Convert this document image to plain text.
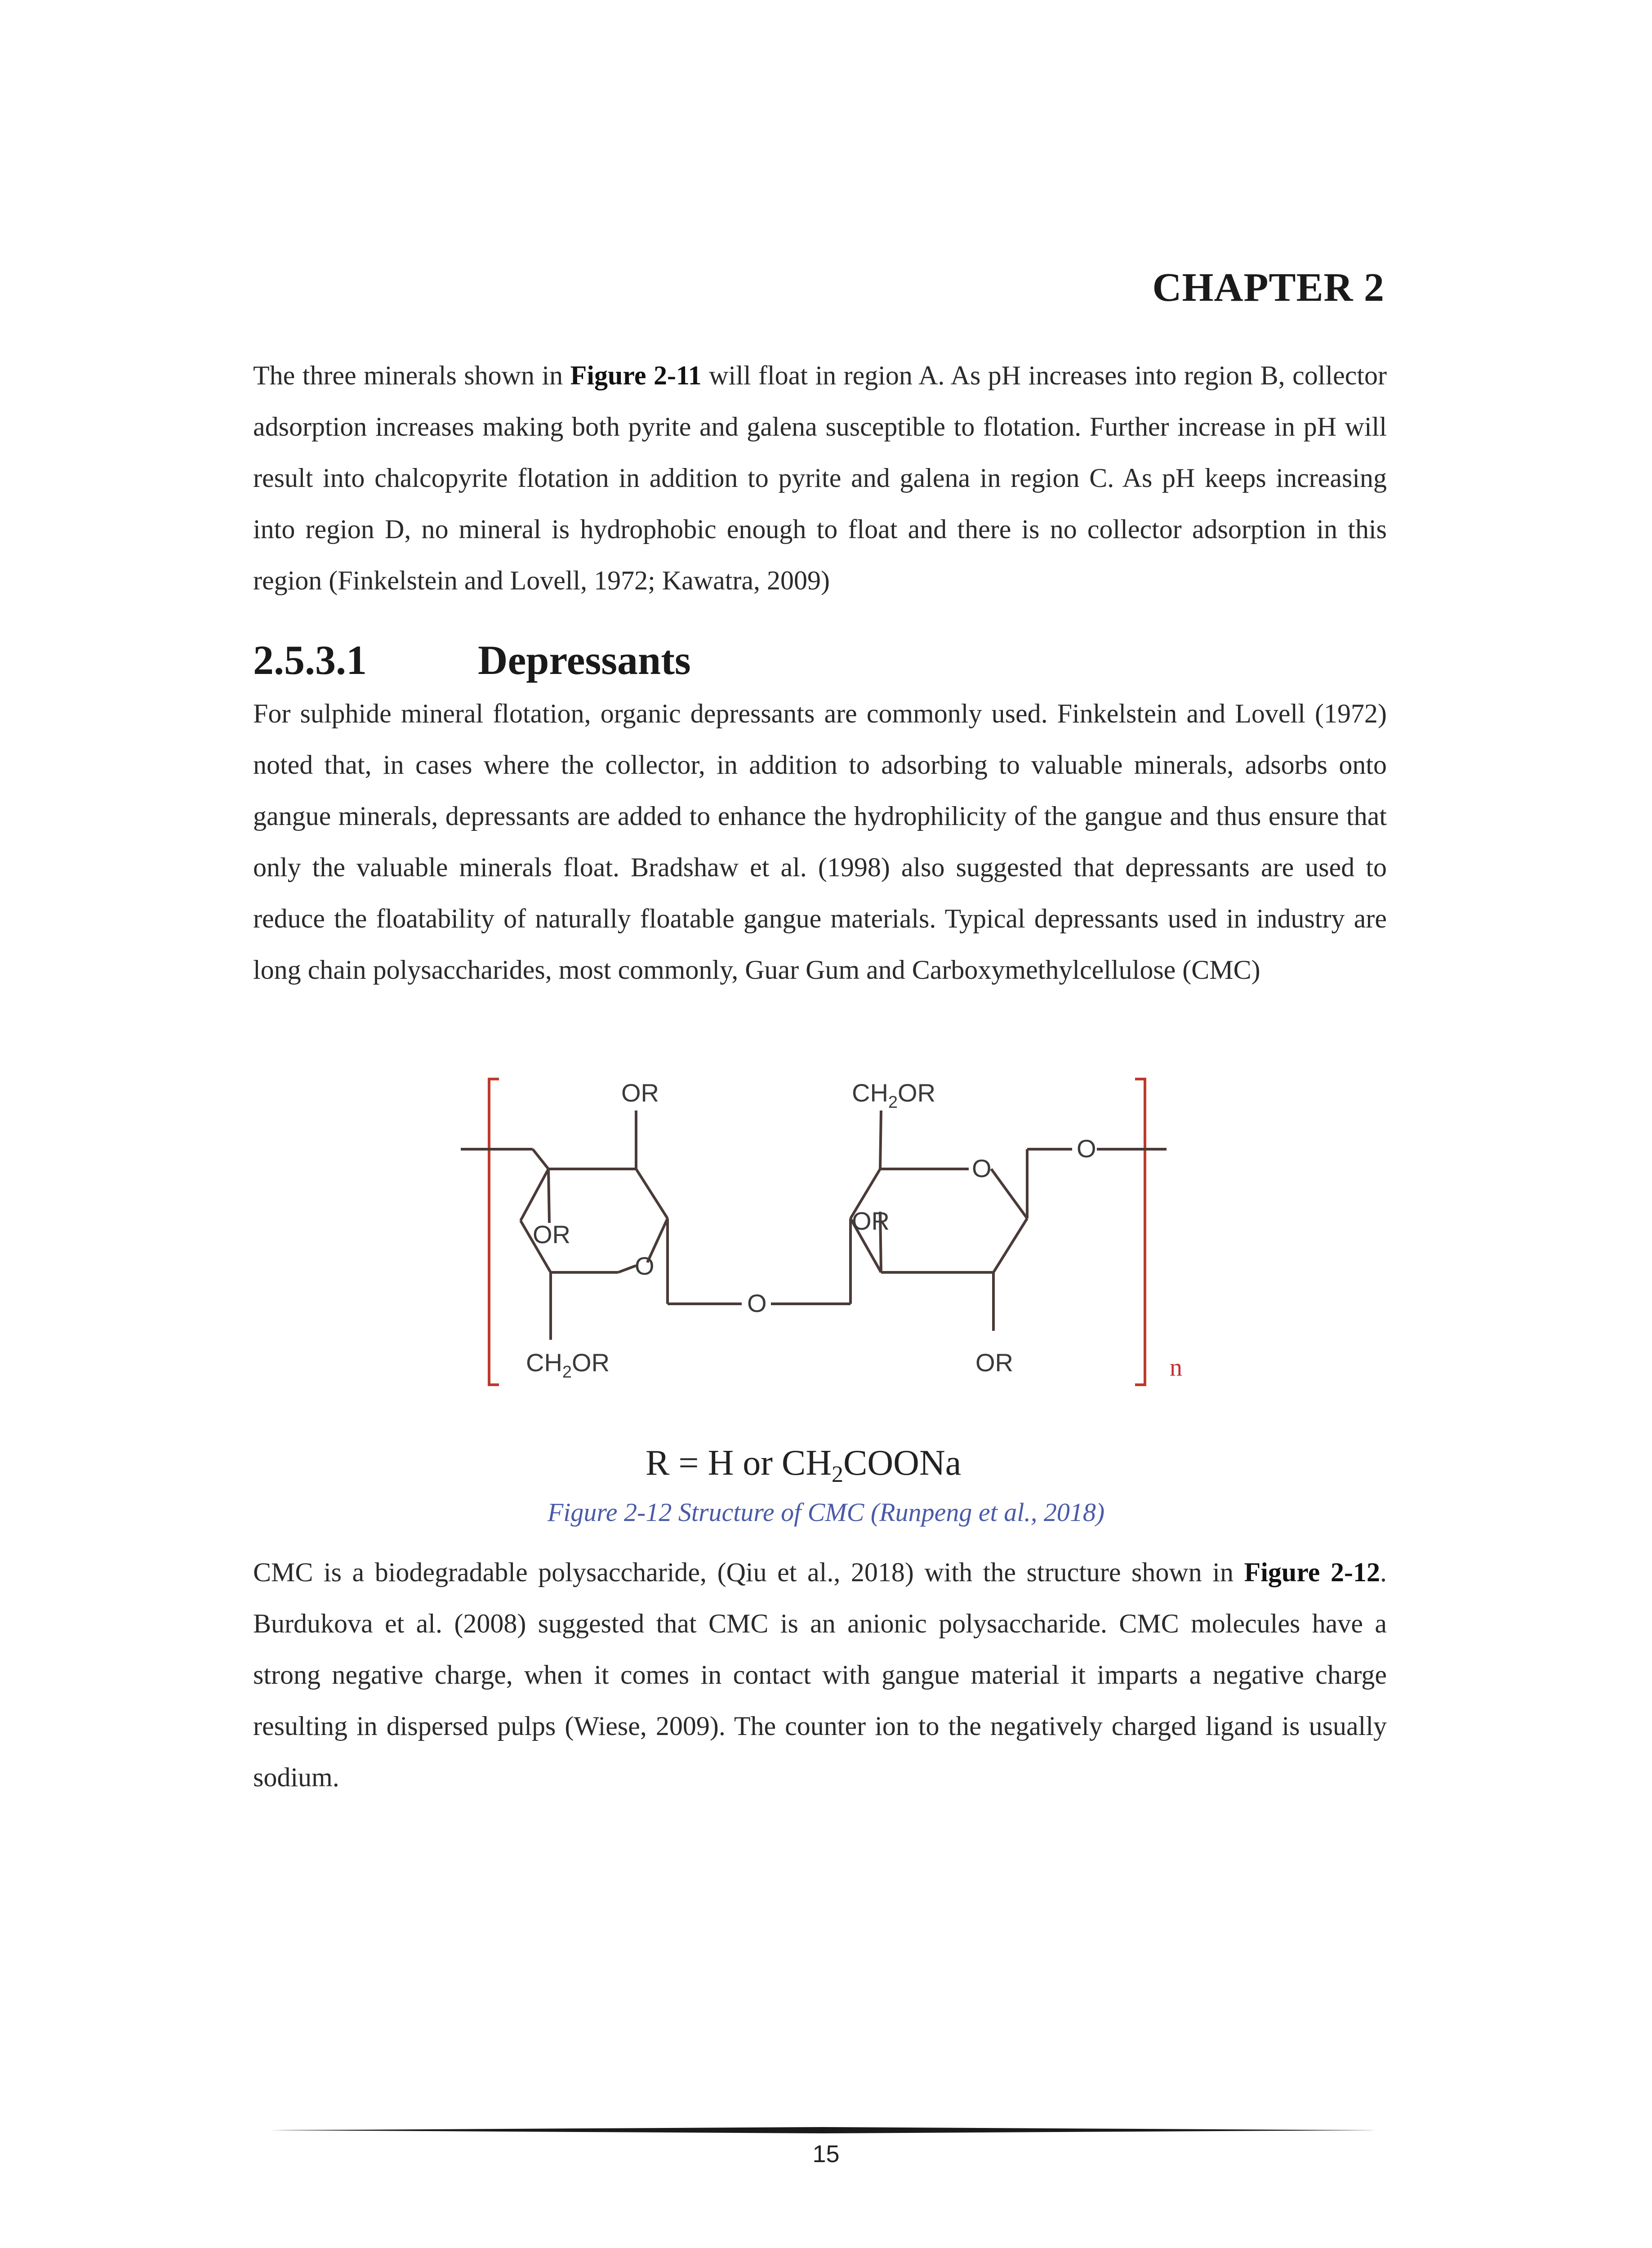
CHAPTER 2
The three minerals shown in Figure 2-11 will float in region A. As pH increases into region B, collector adsorption increases making both pyrite and galena susceptible to flotation. Further increase in pH will result into chalcopyrite flotation in addition to pyrite and galena in region C. As pH keeps increasing into region D, no mineral is hydrophobic enough to float and there is no collector adsorption in this region (Finkelstein and Lovell, 1972; Kawatra, 2009)
2.5.3.1	Depressants
For sulphide mineral flotation, organic depressants are commonly used. Finkelstein and Lovell (1972) noted that, in cases where the collector, in addition to adsorbing to valuable minerals, adsorbs onto gangue minerals, depressants are added to enhance the hydrophilicity of the gangue and thus ensure that only the valuable minerals float. Bradshaw et al. (1998) also suggested that depressants are used to reduce the floatability of naturally floatable gangue materials. Typical depressants used in industry are long chain polysaccharides, most commonly, Guar Gum and Carboxymethylcellulose (CMC)
n
OR	$CH_2OR$
OR	OR
O
O
O
O
$CH_2OR$	OR
R = H or $CH_2COONa$
Figure 2-12 Structure of CMC (Runpeng et al., 2018)
CMC is a biodegradable polysaccharide, (Qiu et al., 2018) with the structure shown in Figure 2-12. Burdukova et al. (2008) suggested that CMC is an anionic polysaccharide. CMC molecules have a strong negative charge, when it comes in contact with gangue material it imparts a negative charge resulting in dispersed pulps (Wiese, 2009). The counter ion to the negatively charged ligand is usually sodium.
15
